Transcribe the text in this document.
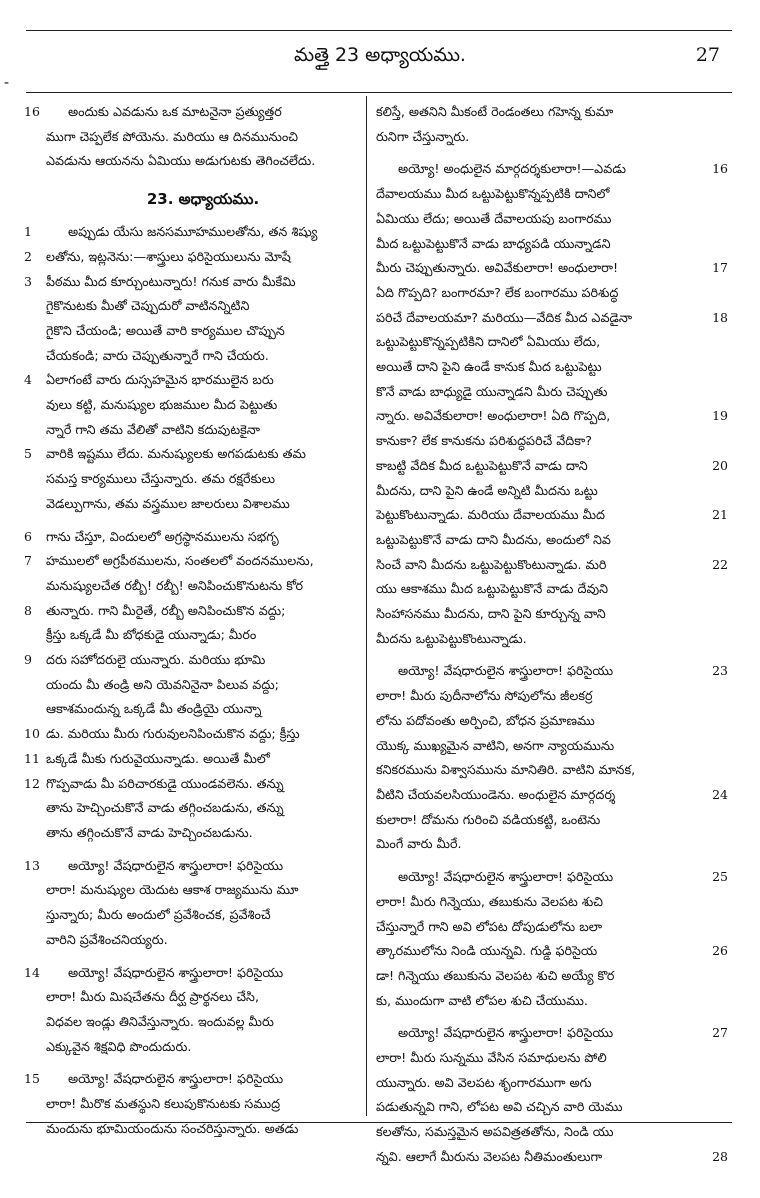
మత్తై 23 అధ్యాయము.	27
-
16 అందుకు ఎవడును ఒక మాటనైనా ప్రత్యుత్తర
ముగా చెప్పలేక పోయెను. మరియు ఆ దినమునుంచి
ఎవడును ఆయనను ఏమియు అడుగుటకు తెగించలేదు.
23. అధ్యాయము.
1	అప్పుడు యేసు జనసమూహములతోను, తన శిష్యు
2 లతోను, ఇట్లనెను:—శాస్త్రులు ఫరిసైయులును మోషే
3 పీఠము మీద కూర్చుంటున్నారు! గనుక వారు మీకేమి
గైకొనుటకు మీతో చెప్పుదురో వాటినన్నిటిని
గైకొని చేయండి; అయితే వారి కార్యముల చొప్పున
చేయకండి; వారు చెప్పుతున్నారే గాని చేయరు.
4 ఏలాగంటే వారు దుస్సహమైన భారములైన బరు
వులు కట్టి, మనుష్యుల భుజముల మీద పెట్టుతు
న్నారే గాని తమ వేలితో వాటిని కదుపుటకైనా
5 వారికి ఇష్టము లేదు. మనుష్యులకు అగపడుటకు తమ
సమస్త కార్యములు చేస్తున్నారు. తమ రక్షరేకులు
వెడల్పుగాను, తమ వస్త్రముల జాలరులు విశాలము
6 గాను చేస్తూ, విందులలో అగ్రస్థానములను సభగృ
7 హములలో అగ్రపీఠములను, సంతలలో వందనములను,
మనుష్యులచేత రబ్బీ! రబ్బీ! అనిపించుకొనుటను కోర
8 తున్నారు. గాని మీరైతే, రబ్బీ అనిపించుకొన వద్దు;
క్రీస్తు ఒక్కడే మీ బోధకుడై యున్నాడు; మీరం
9 దరు సహోదరులై యున్నారు. మరియు భూమి
యందు మీ తండ్రి అని యెవనినైనా పిలువ వద్దు;
ఆకాశమందున్న ఒక్కడే మీ తండ్రియై యున్నా
10 డు. మరియు మీరు గురువులనిపించుకొన వద్దు; క్రీస్తు
11 ఒక్కడే మీకు గురువైయున్నాడు. అయితే మీలో
12 గొప్పవాడు మీ పరిచారకుడై యుండవలెను. తన్ను
తాను హెచ్చించుకొనే వాడు తగ్గించబడును, తన్ను
తాను తగ్గించుకొనే వాడు హెచ్చించబడును.
13 అయ్యో! వేషధారులైన శాస్త్రులారా! ఫరిసైయు
లారా! మనుష్యుల యెదుట ఆకాశ రాజ్యమును మూ
స్తున్నారు; మీరు అందులో ప్రవేశించక, ప్రవేశించే
వారిని ప్రవేశించనియ్యరు.
14 అయ్యో! వేషధారులైన శాస్త్రులారా! ఫరిసైయు
లారా! మీరు మిషచేతను దీర్ఘ ప్రార్థనలు చేసి,
విధవల ఇండ్లు తినివేస్తున్నారు. ఇందువల్ల మీరు
ఎక్కువైన శిక్షవిధి పొందుదురు.
15 అయ్యో! వేషధారులైన శాస్త్రులారా! ఫరిసైయు
లారా! మీరొక మతస్థుని కలుపుకొనుటకు సముద్ర
మందును భూమియందును సంచరిస్తున్నారు. అతడు
కలిస్తే, అతనిని మీకంటే రెండంతలు గహెన్న కుమా
రునిగా చేస్తున్నారు.
అయ్యో! అంధులైన మార్గదర్శకులారా!—ఎవడు	16
దేవాలయము మీద ఒట్టుపెట్టుకొన్నప్పటికి దానిలో
ఏమియు లేదు; అయితే దేవాలయపు బంగారము
మీద ఒట్టుపెట్టుకొనే వాడు బాధ్యపడి యున్నాడని
మీరు చెప్పుతున్నారు. అవివేకులారా! అంధులారా!	17
ఏది గొప్పది? బంగారమా? లేక బంగారము పరిశుద్ధ
పరిచే దేవాలయమా? మరియు—వేదిక మీద ఎవడైనా	18
ఒట్టుపెట్టుకొన్నప్పటికిని దానిలో ఏమియు లేదు,
అయితే దాని పైని ఉండే కానుక మీద ఒట్టుపెట్టు
కొనే వాడు బాధ్యుడై యున్నాడని మీరు చెప్పుతు
న్నారు. అవివేకులారా! అంధులారా! ఏది గొప్పది,	19
కానుకా? లేక కానుకను పరిశుద్ధపరిచే వేదికా?
కాబట్టి వేదిక మీద ఒట్టుపెట్టుకొనే వాడు దాని	20
మీదను, దాని పైని ఉండే అన్నిటి మీదను ఒట్టు
పెట్టుకొంటున్నాడు. మరియు దేవాలయము మీద	21
ఒట్టుపెట్టుకొనే వాడు దాని మీదను, అందులో నివ
సించే వాని మీదను ఒట్టుపెట్టుకొంటున్నాడు. మరి	22
యు ఆకాశము మీద ఒట్టుపెట్టుకొనే వాడు దేవుని
సింహాసనము మీదను, దాని పైని కూర్చున్న వాని
మీదను ఒట్టుపెట్టుకొంటున్నాడు.
అయ్యో! వేషధారులైన శాస్త్రులారా! ఫరిసైయు	23
లారా! మీరు పుదీనాలోను సోపులోను జీలకర్ర
లోను పదోవంతు అర్పించి, బోధన ప్రమాణము
యొక్క ముఖ్యమైన వాటిని, అనగా న్యాయమును
కనికరమును విశ్వాసమును మానితిరి. వాటిని మానక,
వీటిని చేయవలసియుండెను. అంధులైన మార్గదర్శ	24
కులారా! దోమను గురించి వడియకట్టి, ఒంటెను
మింగే వారు మీరే.
అయ్యో! వేషధారులైన శాస్త్రులారా! ఫరిసైయు	25
లారా! మీరు గిన్నెయు, తబుకును వెలపట శుచి
చేస్తున్నారే గాని అవి లోపట దోపుడులోను బలా
త్కారములోను నిండి యున్నవి. గుడ్డి ఫరిసైయ	26
డా! గిన్నెయు తబుకును వెలపట శుచి అయ్యే కొర
కు, ముందుగా వాటి లోపల శుచి చేయుము.
అయ్యో! వేషధారులైన శాస్త్రులారా! ఫరిసైయు	27
లారా! మీరు సున్నము వేసిన సమాధులను పోలి
యున్నారు. అవి వెలపట శృంగారముగా అగు
పడుతున్నవి గాని, లోపట అవి చచ్చిన వారి యెము
కలతోను, సమస్తమైన అపవిత్రతతోను, నిండి యు
న్నవి. ఆలాగే మీరును వెలపట నీతిమంతులుగా	28
